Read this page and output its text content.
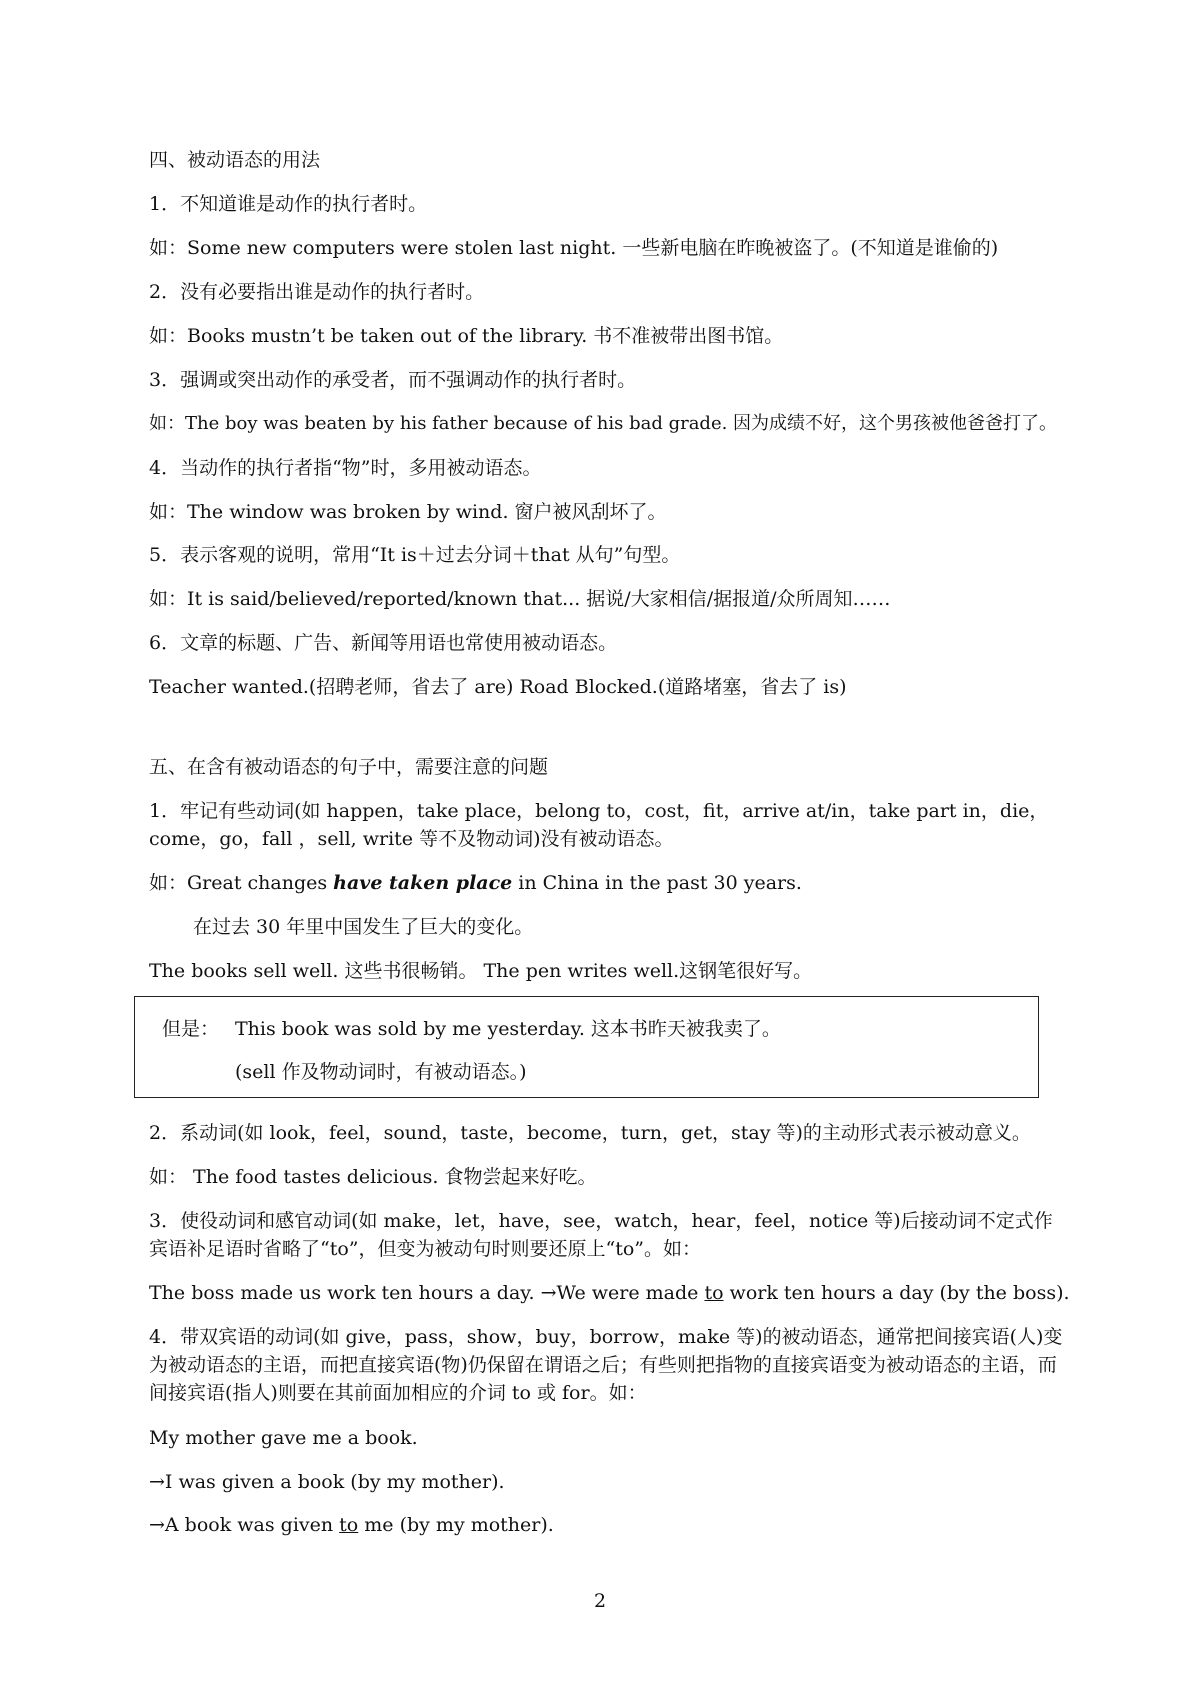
四、被动语态的用法

1．不知道谁是动作的执行者时。

如：Some new computers were stolen last night. 一些新电脑在昨晚被盗了。(不知道是谁偷的)

2．没有必要指出谁是动作的执行者时。

如：Books mustn’t be taken out of the library. 书不准被带出图书馆。

3．强调或突出动作的承受者，而不强调动作的执行者时。

如：The boy was beaten by his father because of his bad grade. 因为成绩不好，这个男孩被他爸爸打了。

4．当动作的执行者指“物”时，多用被动语态。

如：The window was broken by wind. 窗户被风刮坏了。

5．表示客观的说明，常用“It is＋过去分词＋that 从句”句型。

如：It is said/believed/reported/known that... 据说/大家相信/据报道/众所周知……

6．文章的标题、广告、新闻等用语也常使用被动语态。

Teacher wanted.(招聘老师，省去了 are) Road Blocked.(道路堵塞，省去了 is)

五、在含有被动语态的句子中，需要注意的问题

1．牢记有些动词(如 happen，take place，belong to，cost，fit，arrive at/in，take part in，die，come，go，fall ，sell, write 等不及物动词)没有被动语态。

如：Great changes have taken place in China in the past 30 years.

在过去 30 年里中国发生了巨大的变化。

The books sell well. 这些书很畅销。 The pen writes well.这钢笔很好写。

但是： This book was sold by me yesterday. 这本书昨天被我卖了。
(sell 作及物动词时，有被动语态。)

2．系动词(如 look，feel，sound，taste，become，turn，get，stay 等)的主动形式表示被动意义。

如： The food tastes delicious. 食物尝起来好吃。

3．使役动词和感官动词(如 make，let，have，see，watch，hear，feel，notice 等)后接动词不定式作宾语补足语时省略了“to”，但变为被动句时则要还原上“to”。如：

The boss made us work ten hours a day. →We were made to work ten hours a day (by the boss).

4．带双宾语的动词(如 give，pass，show，buy，borrow，make 等)的被动语态，通常把间接宾语(人)变为被动语态的主语，而把直接宾语(物)仍保留在谓语之后；有些则把指物的直接宾语变为被动语态的主语，而间接宾语(指人)则要在其前面加相应的介词 to 或 for。如：

My mother gave me a book.

→I was given a book (by my mother).

→A book was given to me (by my mother).

2
